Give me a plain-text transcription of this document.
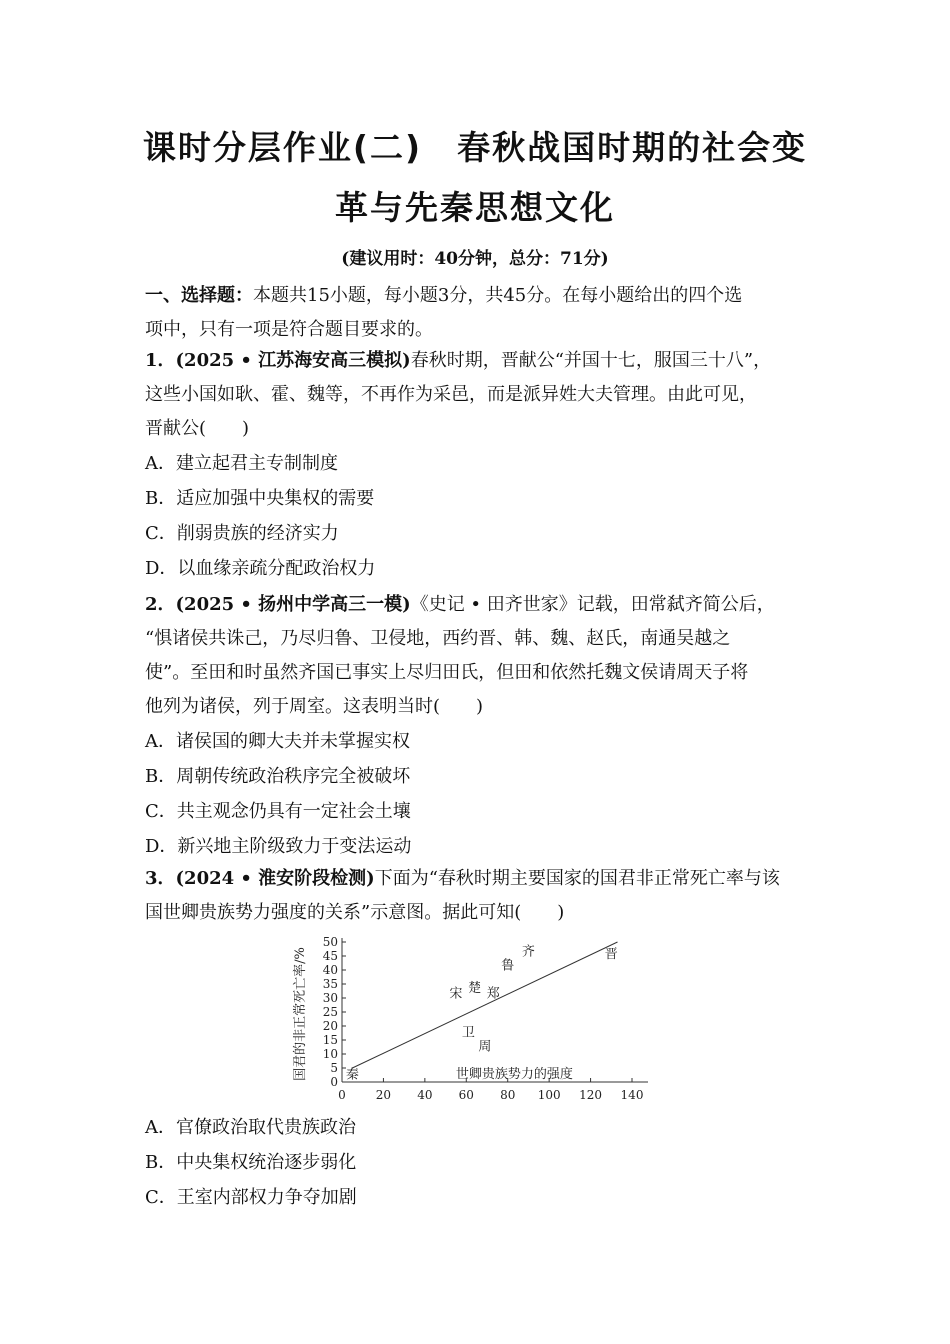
课时分层作业(二)　春秋战国时期的社会变
革与先秦思想文化
(建议用时：40分钟，总分：71分)
一、选择题：本题共15小题，每小题3分，共45分。在每小题给出的四个选
项中，只有一项是符合题目要求的。
1．(2025 • 江苏海安高三模拟)春秋时期，晋献公“并国十七，服国三十八”，
这些小国如耿、霍、魏等，不再作为采邑，而是派异姓大夫管理。由此可见，
晋献公(　　)
A．建立起君主专制制度
B．适应加强中央集权的需要
C．削弱贵族的经济实力
D．以血缘亲疏分配政治权力
2．(2025 • 扬州中学高三一模)《史记 • 田齐世家》记载，田常弑齐简公后，
“惧诸侯共诛己，乃尽归鲁、卫侵地，西约晋、韩、魏、赵氏，南通吴越之
使”。至田和时虽然齐国已事实上尽归田氏，但田和依然托魏文侯请周天子将
他列为诸侯，列于周室。这表明当时(　　)
A．诸侯国的卿大夫并未掌握实权
B．周朝传统政治秩序完全被破坏
C．共主观念仍具有一定社会土壤
D．新兴地主阶级致力于变法运动
3．(2024 • 淮安阶段检测)下面为“春秋时期主要国家的国君非正常死亡率与该
国世卿贵族势力强度的关系”示意图。据此可知(　　)
0 20 40 60 80 100 120 140
0
5
10
15
20
25
30
35
40
45
50
秦
宋 楚 郑
鲁
齐
卫
周
晋
世卿贵族势力的强度
国君的非正常死亡率/%
A．官僚政治取代贵族政治
B．中央集权统治逐步弱化
C．王室内部权力争夺加剧
